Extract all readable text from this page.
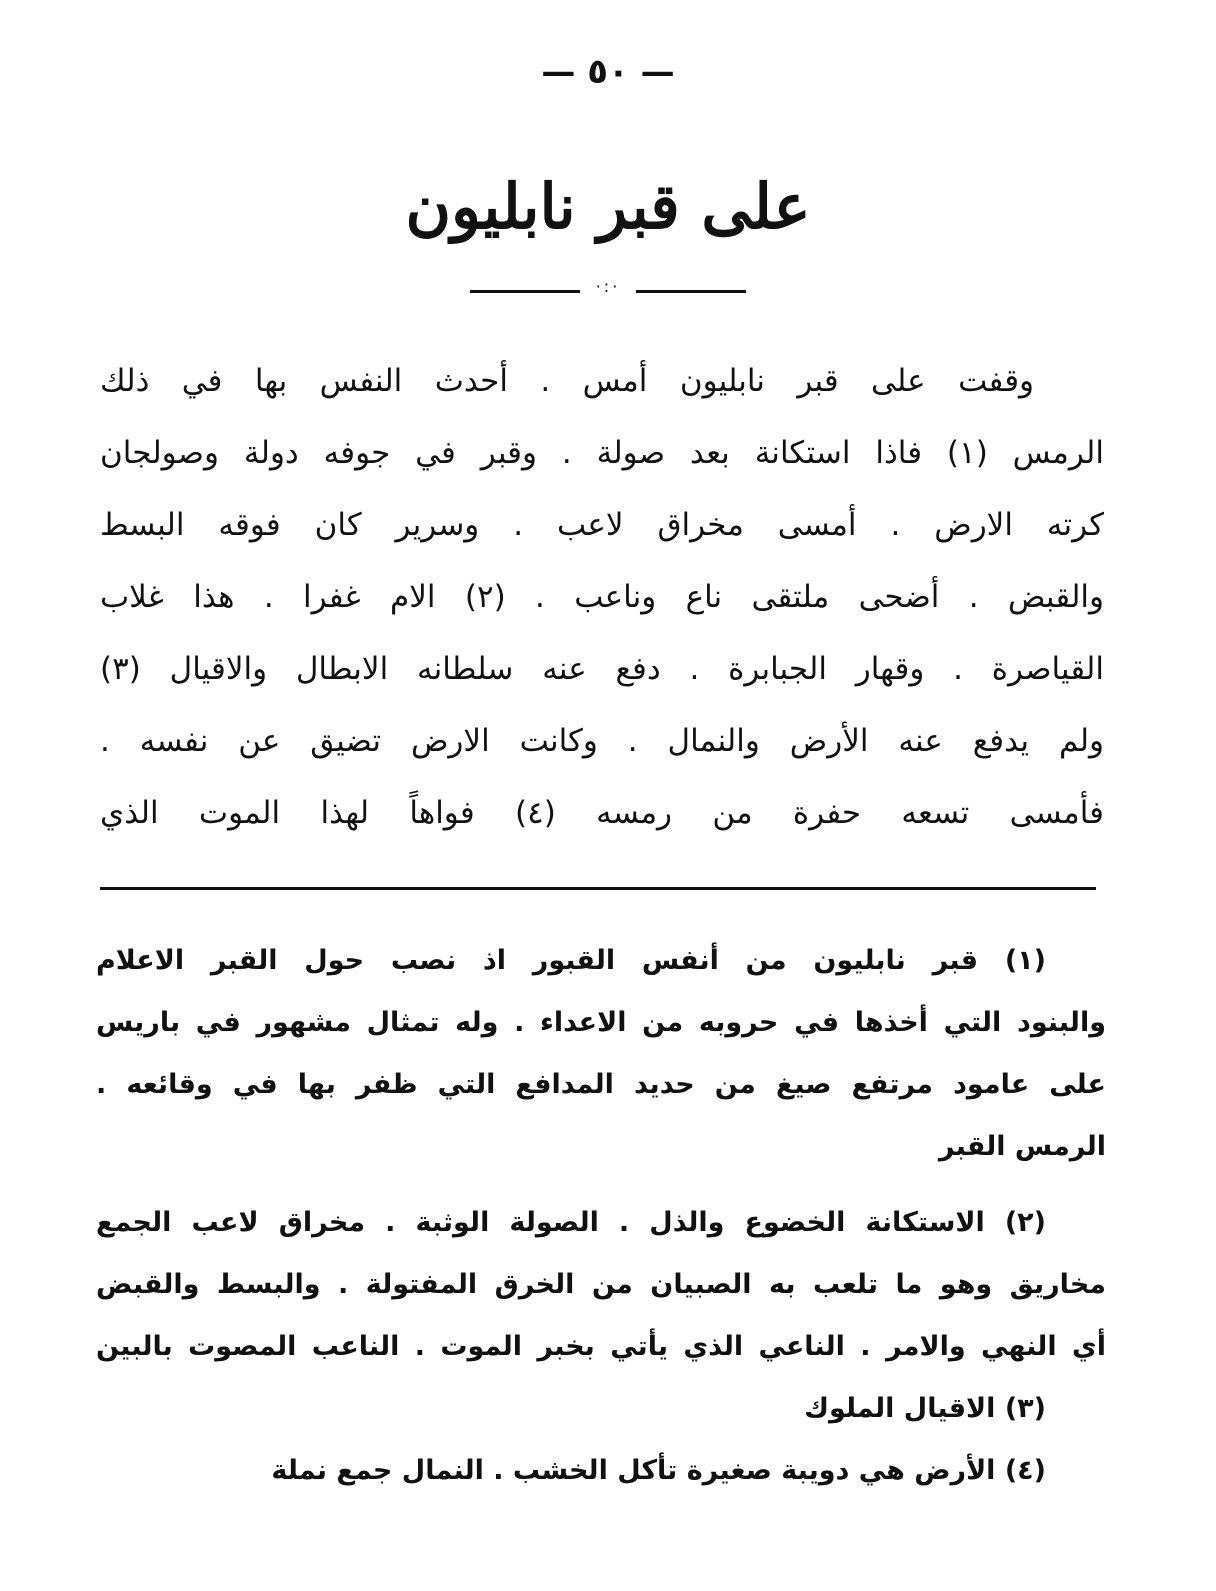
— ٥٠ —
على قبر نابليون
·:·
وقفت على قبر نابليون أمس . أحدث النفس بها في ذلك
الرمس (١) فاذا استكانة بعد صولة . وقبر في جوفه دولة وصولجان
كرته الارض . أمسى مخراق لاعب . وسرير كان فوقه البسط
والقبض . أضحى ملتقى ناع وناعب . (٢) الام غفرا . هذا غلاب
القياصرة . وقهار الجبابرة . دفع عنه سلطانه الابطال والاقيال (٣)
ولم يدفع عنه الأرض والنمال . وكانت الارض تضيق عن نفسه .
فأمسى تسعه حفرة من رمسه (٤) فواهاً لهذا الموت الذي
(١) قبر نابليون من أنفس القبور اذ نصب حول القبر الاعلام
والبنود التي أخذها في حروبه من الاعداء . وله تمثال مشهور في باريس
على عامود مرتفع صيغ من حديد المدافع التي ظفر بها في وقائعه .
الرمس القبر
(٢) الاستكانة الخضوع والذل . الصولة الوثبة . مخراق لاعب الجمع
مخاريق وهو ما تلعب به الصبيان من الخرق المفتولة . والبسط والقبض
أي النهي والامر . الناعي الذي يأتي بخبر الموت . الناعب المصوت بالبين
(٣) الاقيال الملوك
(٤) الأرض هي دويبة صغيرة تأكل الخشب . النمال جمع نملة
